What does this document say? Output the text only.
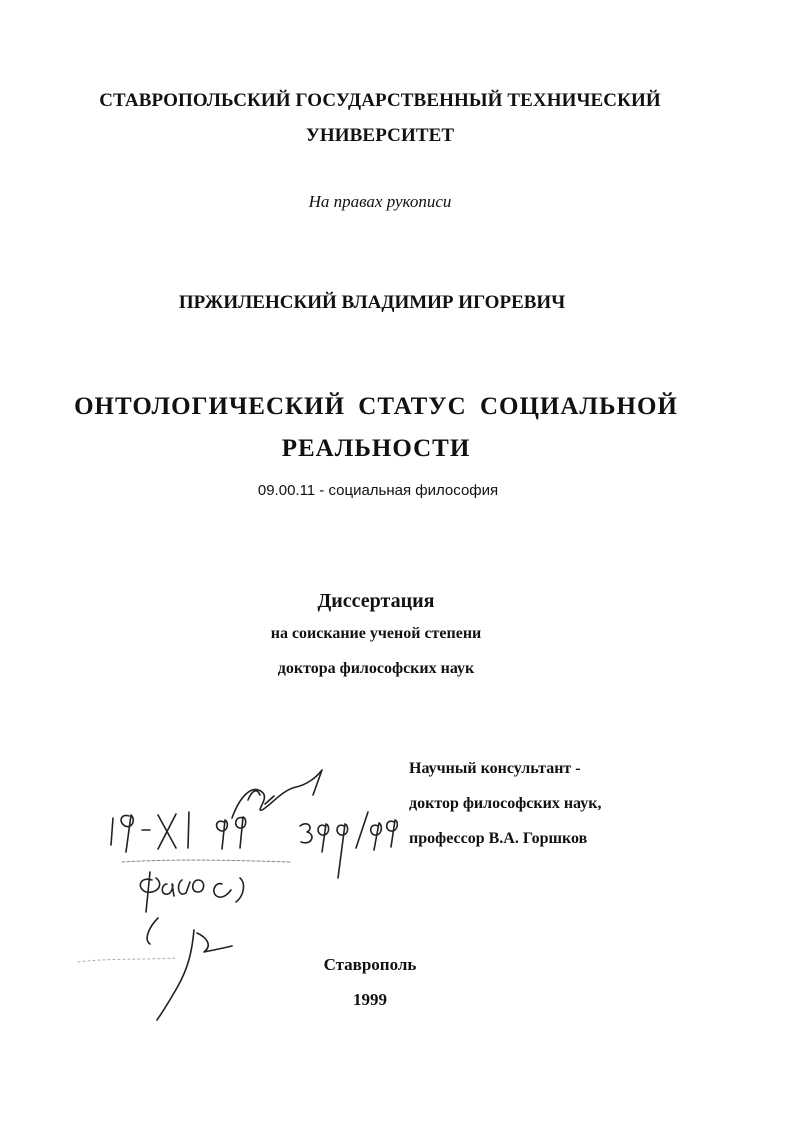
СТАВРОПОЛЬСКИЙ ГОСУДАРСТВЕННЫЙ ТЕХНИЧЕСКИЙ
УНИВЕРСИТЕТ
На правах рукописи
ПРЖИЛЕНСКИЙ ВЛАДИМИР ИГОРЕВИЧ
ОНТОЛОГИЧЕСКИЙ СТАТУС СОЦИАЛЬНОЙ
РЕАЛЬНОСТИ
09.00.11 - социальная философия
Диссертация
на соискание ученой степени
доктора философских наук
Научный консультант -
доктор философских наук,
профессор В.А. Горшков
Ставрополь
1999
